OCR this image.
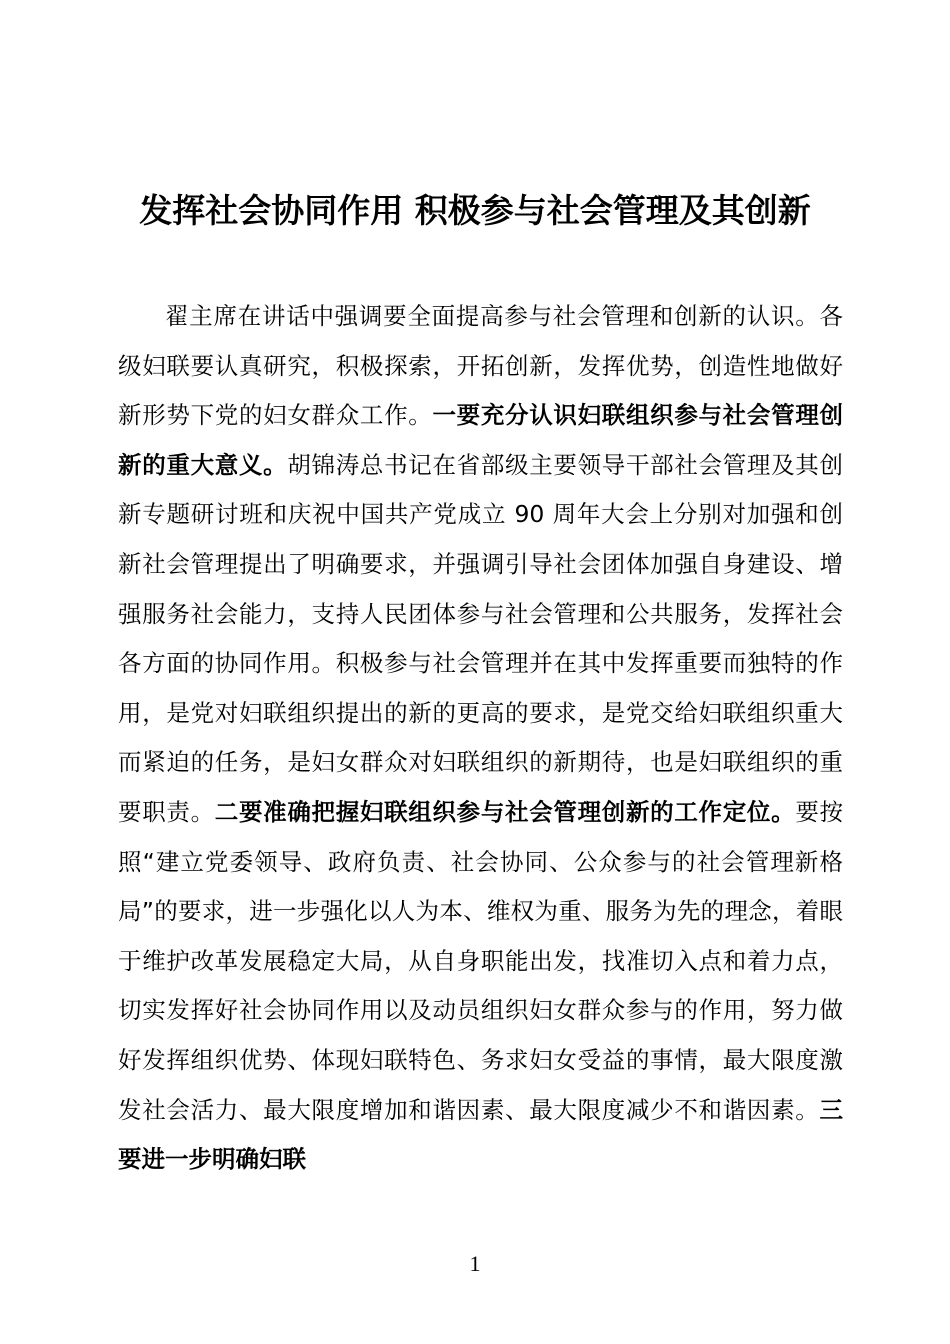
发挥社会协同作用 积极参与社会管理及其创新

翟主席在讲话中强调要全面提高参与社会管理和创新的认识。各级妇联要认真研究，积极探索，开拓创新，发挥优势，创造性地做好新形势下党的妇女群众工作。一要充分认识妇联组织参与社会管理创新的重大意义。胡锦涛总书记在省部级主要领导干部社会管理及其创新专题研讨班和庆祝中国共产党成立 90 周年大会上分别对加强和创新社会管理提出了明确要求，并强调引导社会团体加强自身建设、增强服务社会能力，支持人民团体参与社会管理和公共服务，发挥社会各方面的协同作用。积极参与社会管理并在其中发挥重要而独特的作用，是党对妇联组织提出的新的更高的要求，是党交给妇联组织重大而紧迫的任务，是妇女群众对妇联组织的新期待，也是妇联组织的重要职责。二要准确把握妇联组织参与社会管理创新的工作定位。要按照“建立党委领导、政府负责、社会协同、公众参与的社会管理新格局”的要求，进一步强化以人为本、维权为重、服务为先的理念，着眼于维护改革发展稳定大局，从自身职能出发，找准切入点和着力点，切实发挥好社会协同作用以及动员组织妇女群众参与的作用，努力做好发挥组织优势、体现妇联特色、务求妇女受益的事情，最大限度激发社会活力、最大限度增加和谐因素、最大限度减少不和谐因素。三要进一步明确妇联

1
